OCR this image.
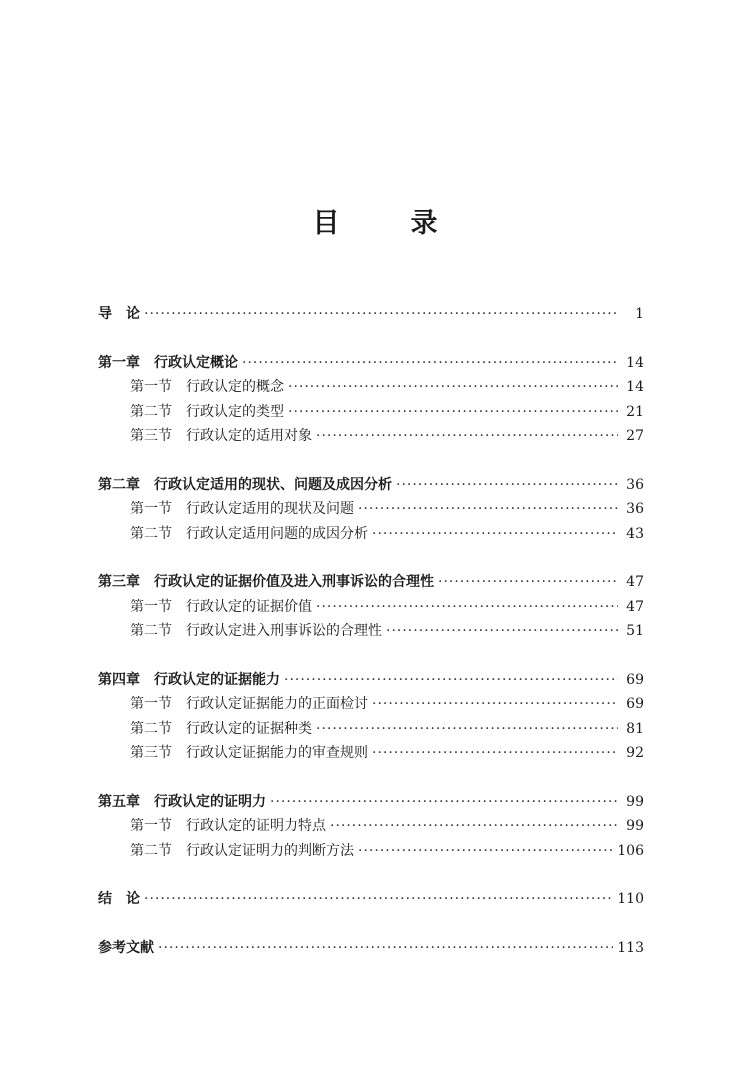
目　录
导　论 ·····	1
第一章 行政认定概论 ·····	14
第一节 行政认定的概念 ·····	14
第二节 行政认定的类型 ·····	21
第三节 行政认定的适用对象 ·····	27
第二章 行政认定适用的现状、问题及成因分析 ·····	36
第一节 行政认定适用的现状及问题 ·····	36
第二节 行政认定适用问题的成因分析 ·····	43
第三章 行政认定的证据价值及进入刑事诉讼的合理性 ·····	47
第一节 行政认定的证据价值 ·····	47
第二节 行政认定进入刑事诉讼的合理性 ·····	51
第四章 行政认定的证据能力 ·····	69
第一节 行政认定证据能力的正面检讨 ·····	69
第二节 行政认定的证据种类 ·····	81
第三节 行政认定证据能力的审查规则 ·····	92
第五章 行政认定的证明力 ·····	99
第一节 行政认定的证明力特点 ·····	99
第二节 行政认定证明力的判断方法 ·····	106
结　论 ·····	110
参考文献 ·····	113
